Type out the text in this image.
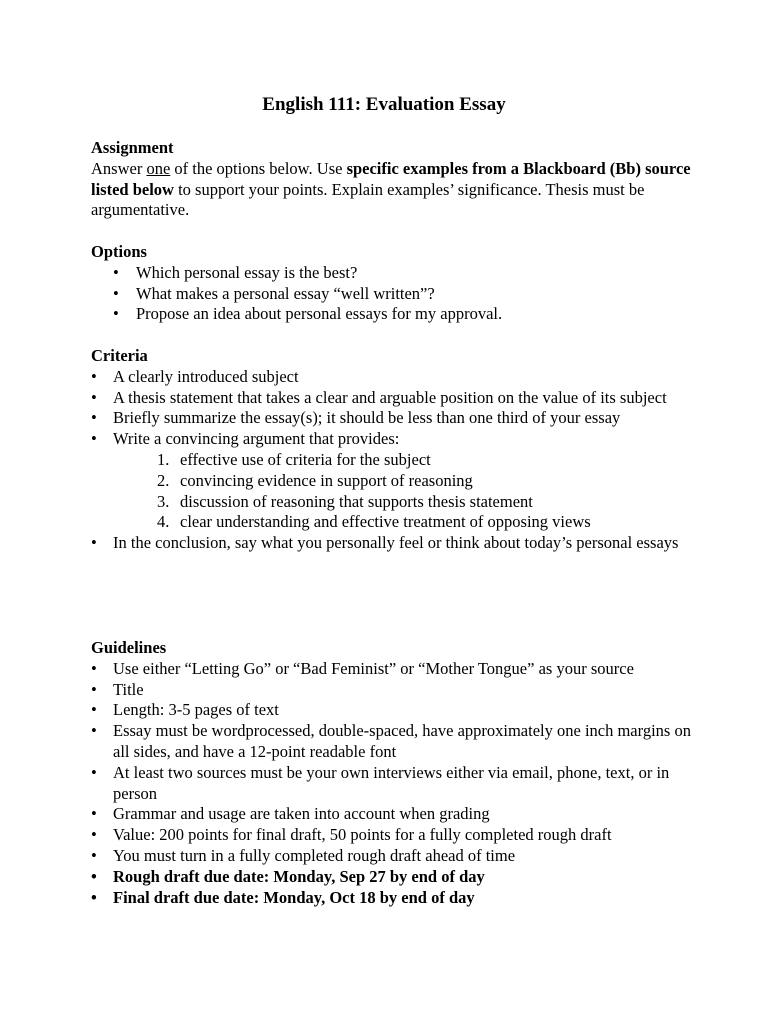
English 111: Evaluation Essay
Assignment

Answer one of the options below. Use specific examples from a Blackboard (Bb) source listed below to support your points. Explain examples’ significance. Thesis must be argumentative.

Options
• Which personal essay is the best?
• What makes a personal essay “well written”?
• Propose an idea about personal essays for my approval.
Criteria
• A clearly introduced subject
• A thesis statement that takes a clear and arguable position on the value of its subject
• Briefly summarize the essay(s); it should be less than one third of your essay
• Write a convincing argument that provides:
1. effective use of criteria for the subject
2. convincing evidence in support of reasoning
3. discussion of reasoning that supports thesis statement
4. clear understanding and effective treatment of opposing views
• In the conclusion, say what you personally feel or think about today’s personal essays
Guidelines
• Use either “Letting Go” or “Bad Feminist” or “Mother Tongue” as your source
• Title
• Length: 3-5 pages of text
• Essay must be wordprocessed, double-spaced, have approximately one inch margins on all sides, and have a 12-point readable font
• At least two sources must be your own interviews either via email, phone, text, or in person
• Grammar and usage are taken into account when grading
• Value: 200 points for final draft, 50 points for a fully completed rough draft
• You must turn in a fully completed rough draft ahead of time
• Rough draft due date: Monday, Sep 27 by end of day
• Final draft due date: Monday, Oct 18 by end of day
